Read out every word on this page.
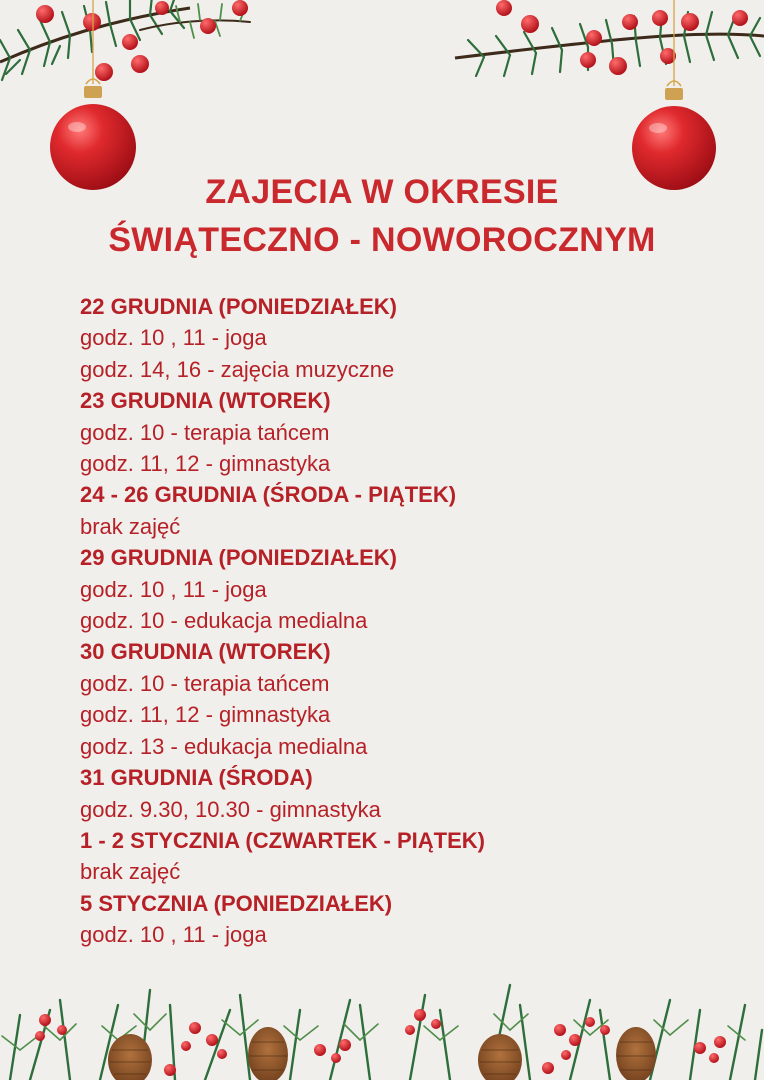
ZAJECIA W OKRESIE
ŚWIĄTECZNO - NOWOROCZNYM
22 GRUDNIA (PONIEDZIAŁEK)
godz. 10 , 11 - joga
godz. 14, 16 - zajęcia muzyczne
23 GRUDNIA (WTOREK)
godz. 10 - terapia tańcem
godz. 11, 12 - gimnastyka
24 - 26 GRUDNIA (ŚRODA - PIĄTEK)
brak zajęć
29 GRUDNIA (PONIEDZIAŁEK)
godz. 10 , 11 - joga
godz. 10 - edukacja medialna
30 GRUDNIA (WTOREK)
godz. 10 - terapia tańcem
godz. 11, 12 - gimnastyka
godz. 13 - edukacja medialna
31 GRUDNIA (ŚRODA)
godz. 9.30, 10.30 - gimnastyka
1 - 2 STYCZNIA (CZWARTEK - PIĄTEK)
brak zajęć
5 STYCZNIA (PONIEDZIAŁEK)
godz. 10 , 11 - joga
